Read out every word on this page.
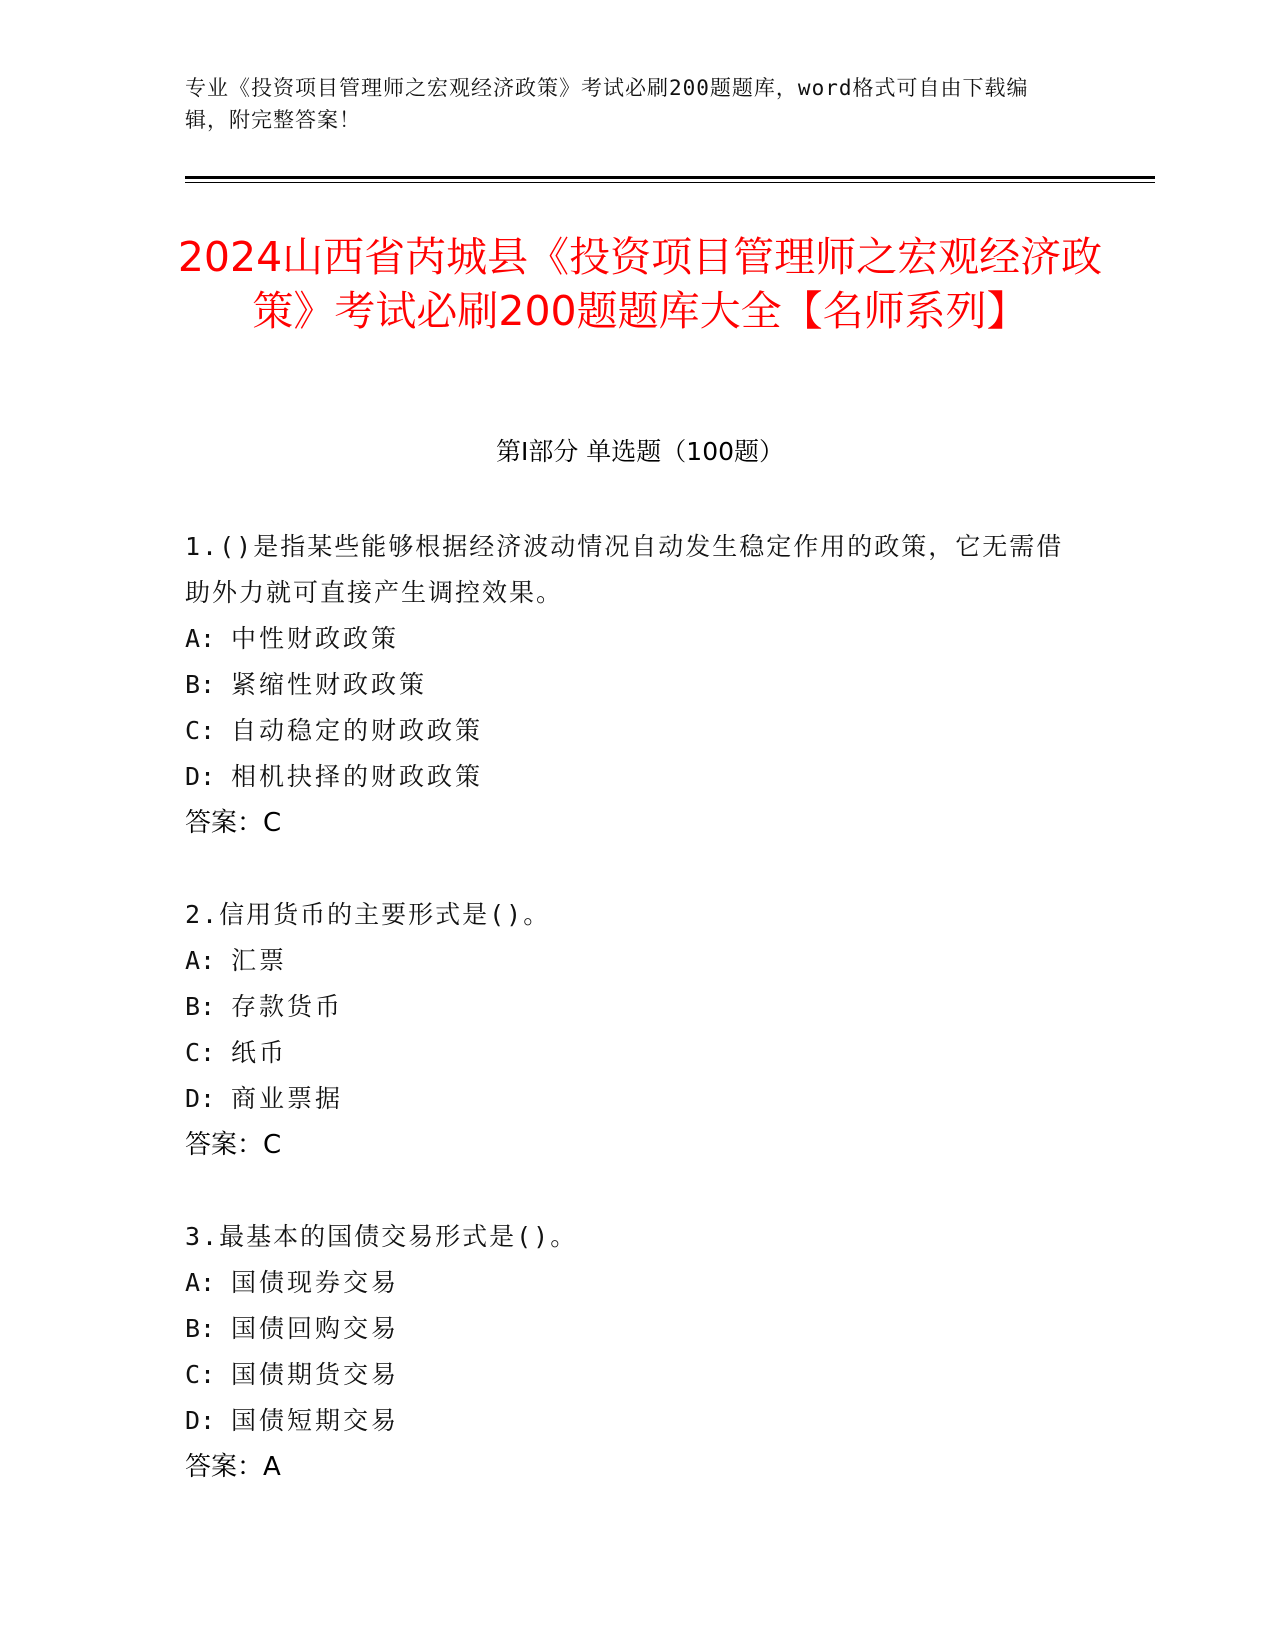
专业《投资项目管理师之宏观经济政策》考试必刷200题题库，word格式可自由下载编辑，附完整答案！
2024山西省芮城县《投资项目管理师之宏观经济政策》考试必刷200题题库大全【名师系列】
第I部分 单选题（100题）
1.()是指某些能够根据经济波动情况自动发生稳定作用的政策，它无需借助外力就可直接产生调控效果。
A: 中性财政政策
B: 紧缩性财政政策
C: 自动稳定的财政政策
D: 相机抉择的财政政策
答案：C
2.信用货币的主要形式是()。
A: 汇票
B: 存款货币
C: 纸币
D: 商业票据
答案：C
3.最基本的国债交易形式是()。
A: 国债现券交易
B: 国债回购交易
C: 国债期货交易
D: 国债短期交易
答案：A
